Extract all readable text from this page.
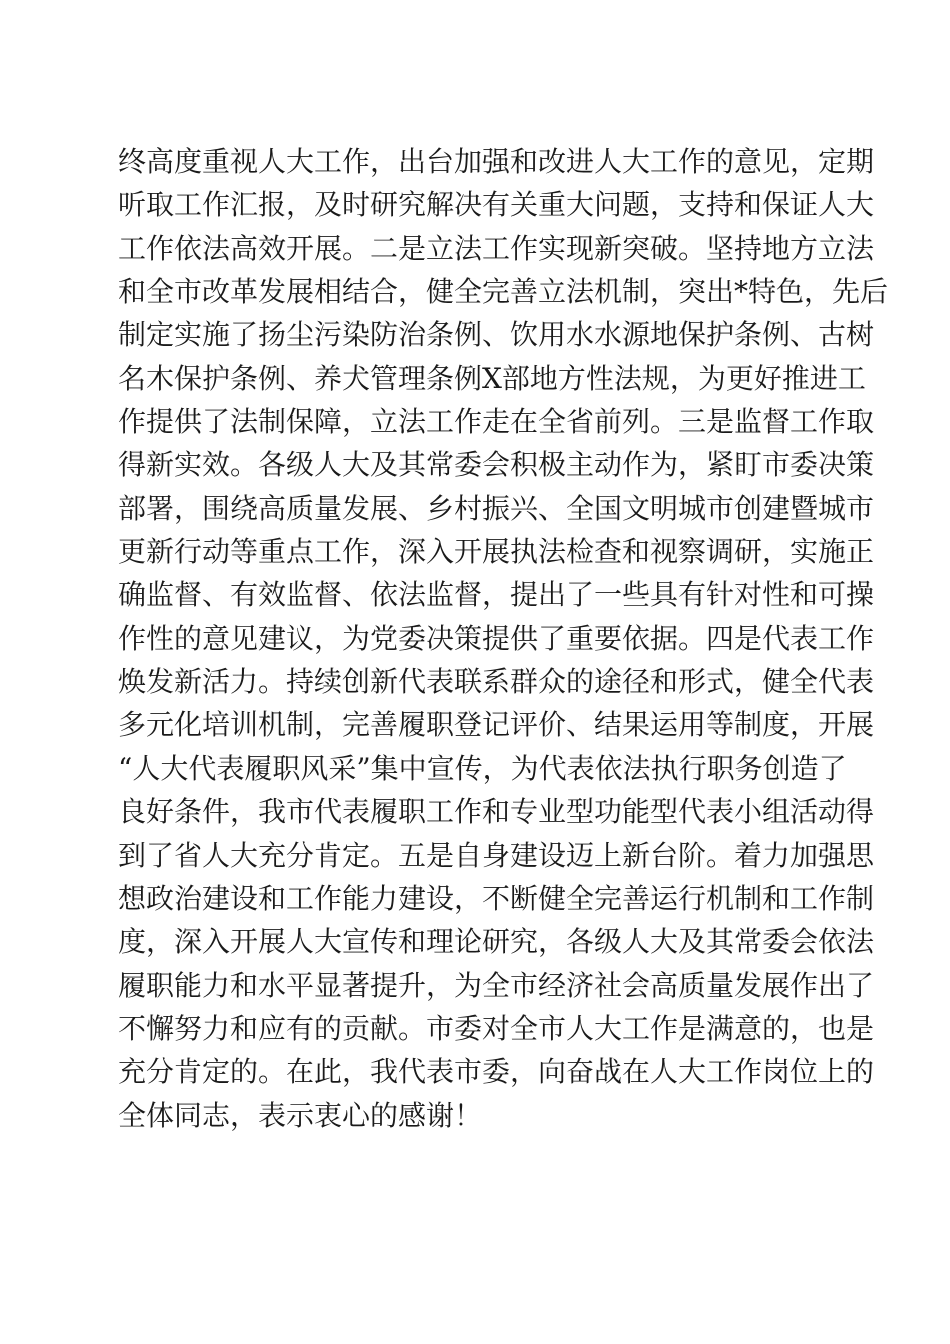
终高度重视人大工作，出台加强和改进人大工作的意见，定期
听取工作汇报，及时研究解决有关重大问题，支持和保证人大
工作依法高效开展。二是立法工作实现新突破。坚持地方立法
和全市改革发展相结合，健全完善立法机制，突出*特色，先后
制定实施了扬尘污染防治条例、饮用水水源地保护条例、古树
名木保护条例、养犬管理条例X部地方性法规，为更好推进工
作提供了法制保障，立法工作走在全省前列。三是监督工作取
得新实效。各级人大及其常委会积极主动作为，紧盯市委决策
部署，围绕高质量发展、乡村振兴、全国文明城市创建暨城市
更新行动等重点工作，深入开展执法检查和视察调研，实施正
确监督、有效监督、依法监督，提出了一些具有针对性和可操
作性的意见建议，为党委决策提供了重要依据。四是代表工作
焕发新活力。持续创新代表联系群众的途径和形式，健全代表
多元化培训机制，完善履职登记评价、结果运用等制度，开展
“人大代表履职风采”集中宣传，为代表依法执行职务创造了
良好条件，我市代表履职工作和专业型功能型代表小组活动得
到了省人大充分肯定。五是自身建设迈上新台阶。着力加强思
想政治建设和工作能力建设，不断健全完善运行机制和工作制
度，深入开展人大宣传和理论研究，各级人大及其常委会依法
履职能力和水平显著提升，为全市经济社会高质量发展作出了
不懈努力和应有的贡献。市委对全市人大工作是满意的，也是
充分肯定的。在此，我代表市委，向奋战在人大工作岗位上的
全体同志，表示衷心的感谢！
